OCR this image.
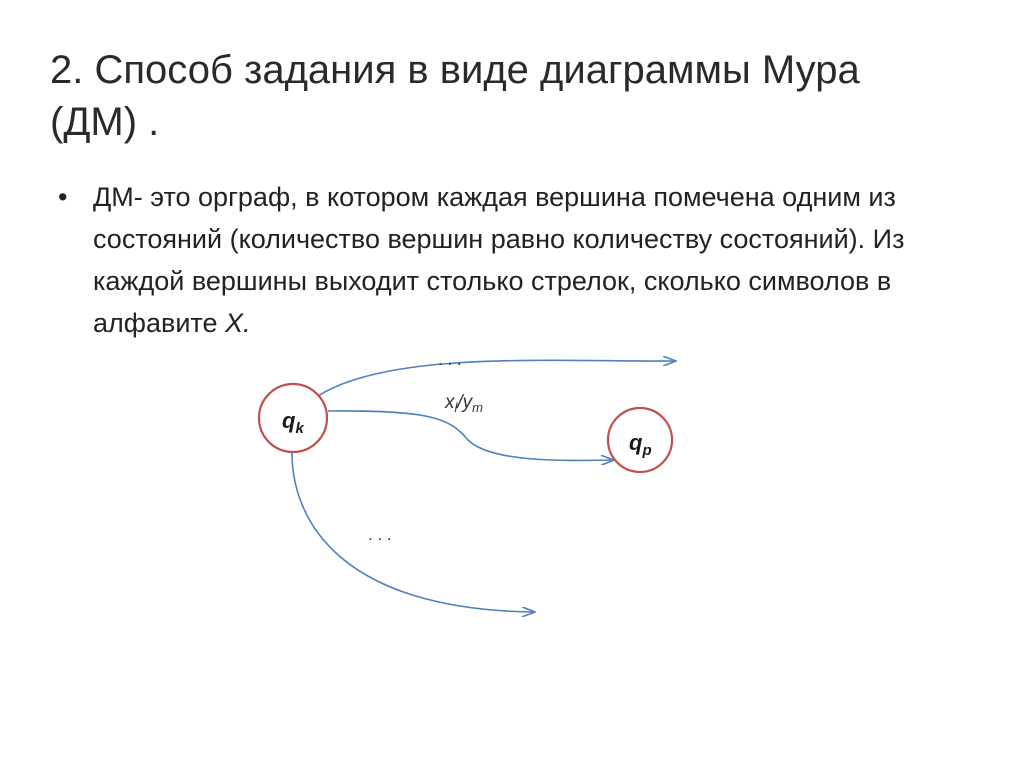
2. Способ задания в виде диаграммы Мура
(ДМ) .
• ДМ- это орграф, в котором каждая вершина помечена одним из состояний (количество вершин равно количеству состояний). Из каждой вершины выходит столько стрелок, сколько символов в алфавите X.
$q_k$
$q_p$
. . .
$x_l/y_m$
. . .
